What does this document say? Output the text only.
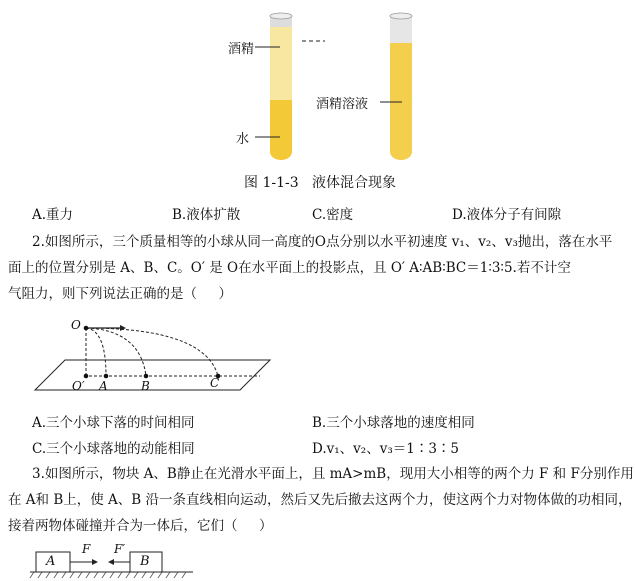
酒精
水
酒精溶液
图 1-1-3   液体混合现象
A.重力	B.液体扩散	C.密度	D.液体分子有间隙
2.如图所示，三个质量相等的小球从同一高度的O点分别以水平初速度 v₁、v₂、v₃抛出，落在水平
面上的位置分别是 A、B、C。O′ 是 O在水平面上的投影点，且 O′ A∶AB∶BC＝1∶3∶5.若不计空
气阻力，则下列说法正确的是（     ）
O
O′ A	B	C
A.三个小球下落的时间相同	B.三个小球落地的速度相同
C.三个小球落地的动能相同	D.v₁、v₂、v₃＝1∶3∶5
3.如图所示，物块 A、B静止在光滑水平面上，且 mA>mB，现用大小相等的两个力 F 和 F分别作用
在 A和 B上，使 A、B 沿一条直线相向运动，然后又先后撤去这两个力，使这两个力对物体做的功相同，
接着两物体碰撞并合为一体后，它们（     ）
A	B
F F′
